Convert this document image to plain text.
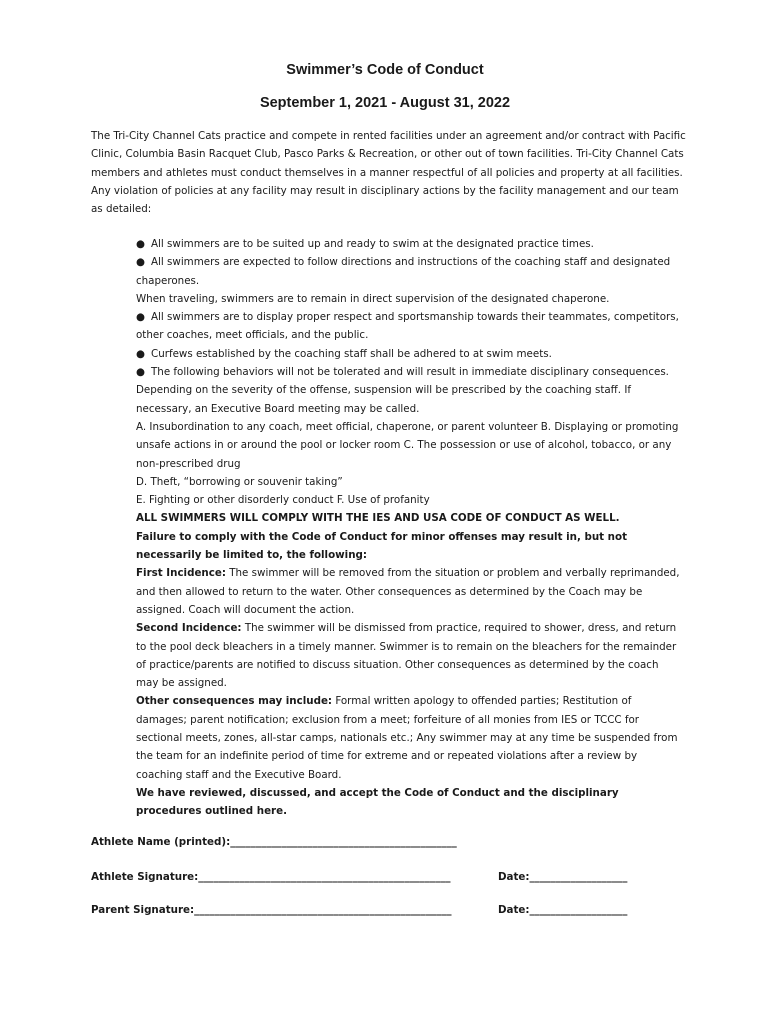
Swimmer’s Code of Conduct
September 1, 2021 - August 31, 2022

The Tri-City Channel Cats practice and compete in rented facilities under an agreement and/or contract with Pacific Clinic, Columbia Basin Racquet Club, Pasco Parks & Recreation, or other out of town facilities. Tri-City Channel Cats members and athletes must conduct themselves in a manner respectful of all policies and property at all facilities. Any violation of policies at any facility may result in disciplinary actions by the facility management and our team as detailed:

● All swimmers are to be suited up and ready to swim at the designated practice times.

● All swimmers are expected to follow directions and instructions of the coaching staff and designated chaperones.

When traveling, swimmers are to remain in direct supervision of the designated chaperone.

● All swimmers are to display proper respect and sportsmanship towards their teammates, competitors, other coaches, meet officials, and the public.

● Curfews established by the coaching staff shall be adhered to at swim meets.

● The following behaviors will not be tolerated and will result in immediate disciplinary consequences.

Depending on the severity of the offense, suspension will be prescribed by the coaching staff. If necessary, an Executive Board meeting may be called.

A. Insubordination to any coach, meet official, chaperone, or parent volunteer B. Displaying or promoting unsafe actions in or around the pool or locker room C. The possession or use of alcohol, tobacco, or any non-prescribed drug

D. Theft, “borrowing or souvenir taking”

E. Fighting or other disorderly conduct F. Use of profanity

ALL SWIMMERS WILL COMPLY WITH THE IES AND USA CODE OF CONDUCT AS WELL.

Failure to comply with the Code of Conduct for minor offenses may result in, but not necessarily be limited to, the following:

First Incidence: The swimmer will be removed from the situation or problem and verbally reprimanded, and then allowed to return to the water. Other consequences as determined by the Coach may be assigned. Coach will document the action.

Second Incidence: The swimmer will be dismissed from practice, required to shower, dress, and return to the pool deck bleachers in a timely manner. Swimmer is to remain on the bleachers for the remainder of practice/parents are notified to discuss situation. Other consequences as determined by the coach may be assigned.

Other consequences may include: Formal written apology to offended parties; Restitution of damages; parent notification; exclusion from a meet; forfeiture of all monies from IES or TCCC for sectional meets, zones, all-star camps, nationals etc.; Any swimmer may at any time be suspended from the team for an indefinite period of time for extreme and or repeated violations after a review by coaching staff and the Executive Board.

We have reviewed, discussed, and accept the Code of Conduct and the disciplinary procedures outlined here.

Athlete Name (printed):____________________________________________
Athlete Signature:_________________________________________________	Date:___________________
Parent Signature:__________________________________________________	Date:___________________
